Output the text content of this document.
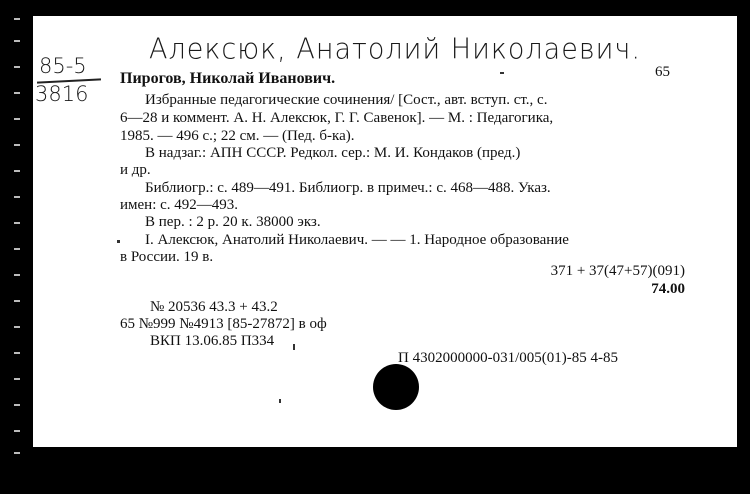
Алексюк, Анатолий Николаевич.
85-5
3816
65
Пирогов, Николай Иванович.
Избранные педагогические сочинения/ [Сост., авт. вступ. ст., с.
6—28 и коммент. А. Н. Алексюк, Г. Г. Савенок]. — М. : Педагогика,
1985. — 496 с.; 22 см. — (Пед. б-ка).
В надзаг.: АПН СССР. Редкол. сер.: М. И. Кондаков (пред.)
и др.
Библиогр.: с. 489—491. Библиогр. в примеч.: с. 468—488. Указ.
имен: с. 492—493.
В пер. : 2 р. 20 к. 38000 экз.
I. Алексюк, Анатолий Николаевич. — — 1. Народное образование
в России. 19 в.
371 + 37(47+57)(091)
74.00
№ 20536 43.3 + 43.2
65 №999 №4913 [85-27872] в оф
ВКП 13.06.85 П334
П 4302000000-031/005(01)-85 4-85
